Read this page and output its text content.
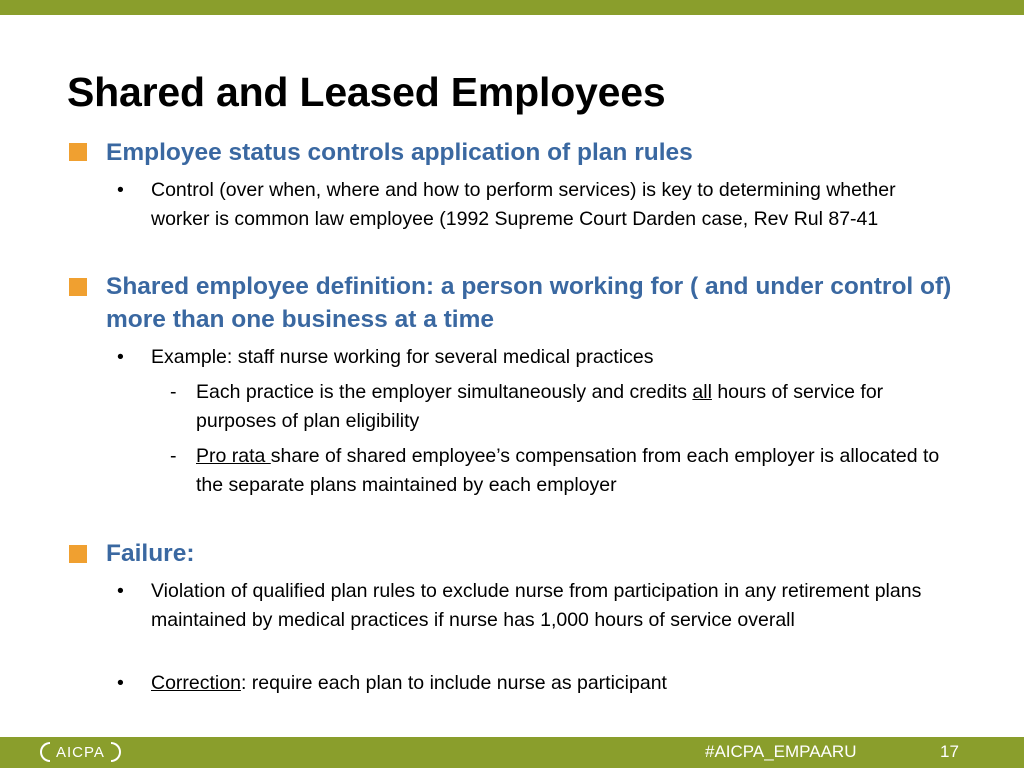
Shared and Leased Employees
Employee status controls application of plan rules
• Control (over when, where and how to perform services) is key to determining whether worker is common law employee (1992 Supreme Court Darden case, Rev Rul 87-41
Shared employee definition: a person working for ( and under control of) more than one business at a time
• Example: staff nurse working for several medical practices
- Each practice is the employer simultaneously and credits all hours of service for purposes of plan eligibility
- Pro rata share of shared employee’s compensation from each employer is allocated to the separate plans maintained by each employer
Failure:
• Violation of qualified plan rules to exclude nurse from participation in any retirement plans maintained by medical practices if nurse has 1,000 hours of service overall
• Correction: require each plan to include nurse as participant
AICPA	#AICPA_EMPAARU	17
